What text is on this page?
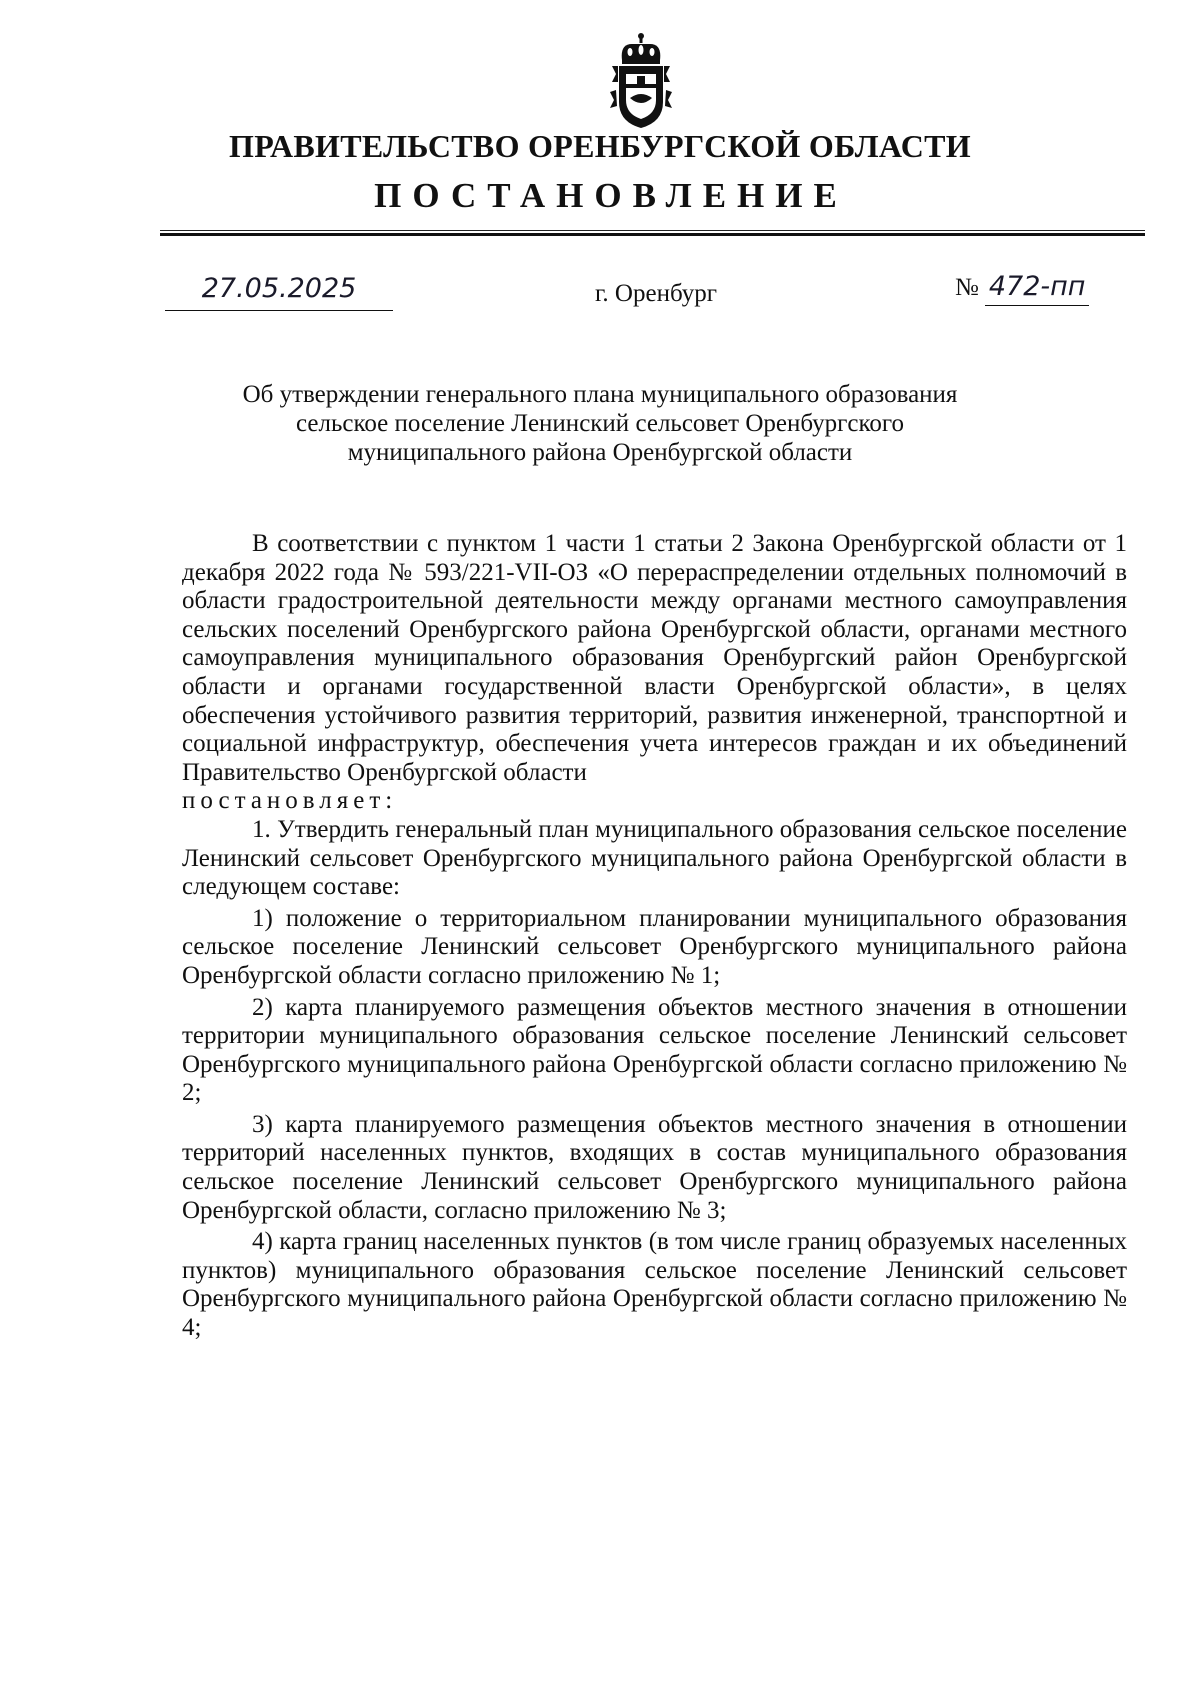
ПРАВИТЕЛЬСТВО ОРЕНБУРГСКОЙ ОБЛАСТИ
ПОСТАНОВЛЕНИЕ
27.05.2025	г. Оренбург	№ 472-пп
Об утверждении генерального плана муниципального образования
сельское поселение Ленинский сельсовет Оренбургского
муниципального района Оренбургской области

В соответствии с пунктом 1 части 1 статьи 2 Закона Оренбургской области от 1 декабря 2022 года № 593/221-VII-ОЗ «О перераспределении отдельных полномочий в области градостроительной деятельности между органами местного самоуправления сельских поселений Оренбургского района Оренбургской области, органами местного самоуправления муниципального образования Оренбургский район Оренбургской области и органами государственной власти Оренбургской области», в целях обеспечения устойчивого развития территорий, развития инженерной, транспортной и социальной инфраструктур, обеспечения учета интересов граждан и их объединений Правительство Оренбургской области

постановляет:

1. Утвердить генеральный план муниципального образования сельское поселение Ленинский сельсовет Оренбургского муниципального района Оренбургской области в следующем составе:

1) положение о территориальном планировании муниципального образования сельское поселение Ленинский сельсовет Оренбургского муниципального района Оренбургской области согласно приложению № 1;

2) карта планируемого размещения объектов местного значения в отношении территории муниципального образования сельское поселение Ленинский сельсовет Оренбургского муниципального района Оренбургской области согласно приложению № 2;

3) карта планируемого размещения объектов местного значения в отношении территорий населенных пунктов, входящих в состав муниципального образования сельское поселение Ленинский сельсовет Оренбургского муниципального района Оренбургской области, согласно приложению № 3;

4) карта границ населенных пунктов (в том числе границ образуемых населенных пунктов) муниципального образования сельское поселение Ленинский сельсовет Оренбургского муниципального района Оренбургской области согласно приложению № 4;
